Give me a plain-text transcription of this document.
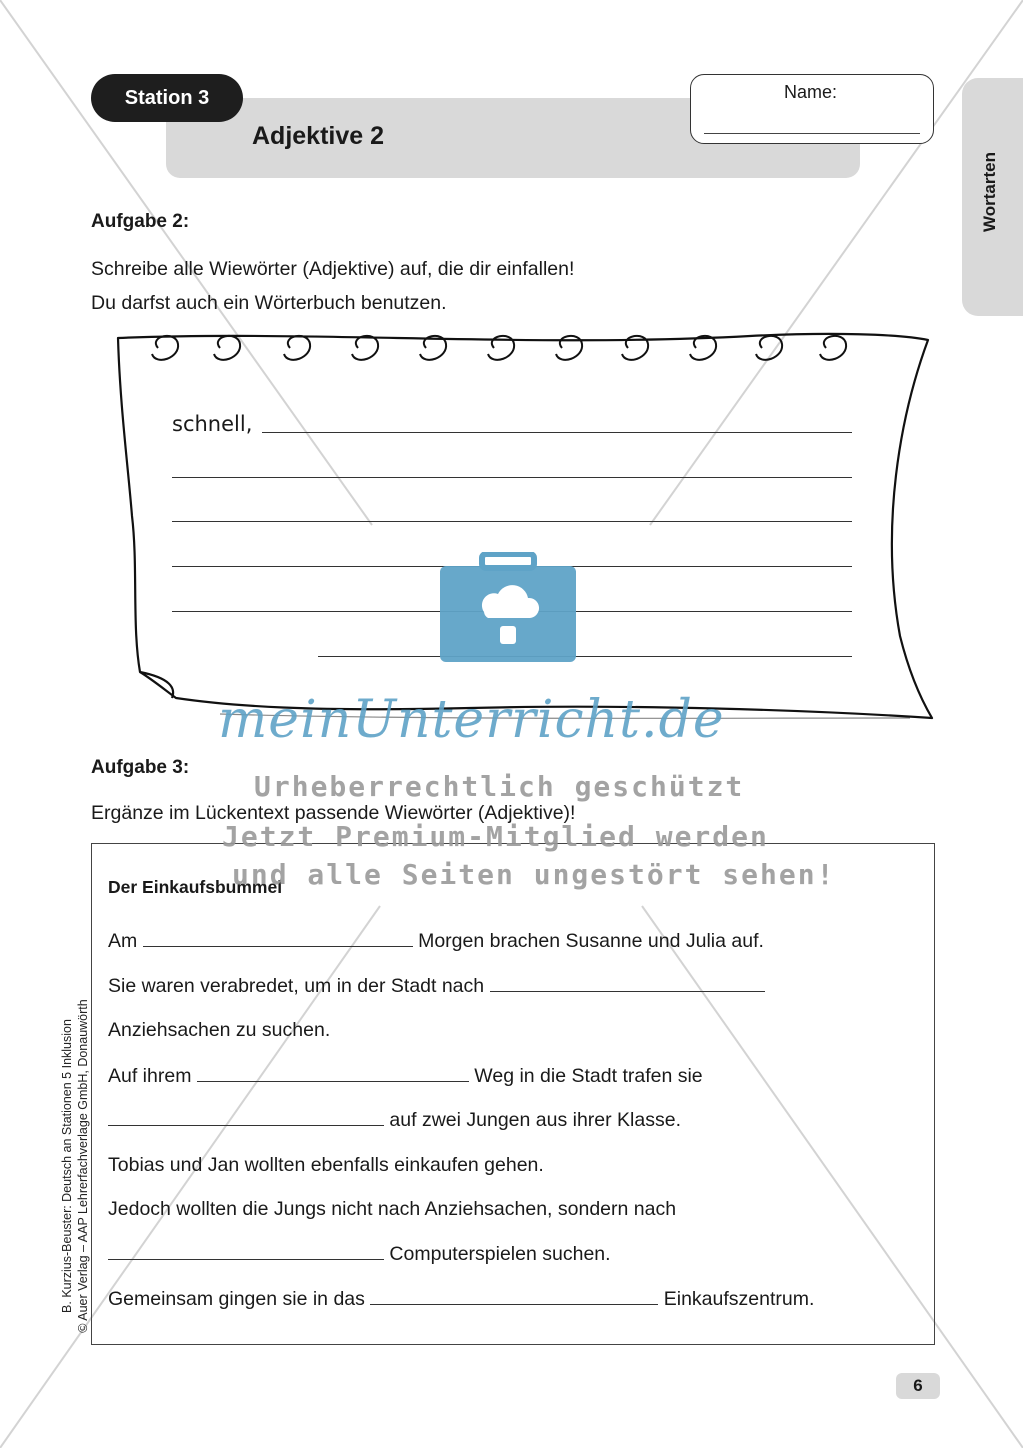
Station 3
Adjektive 2
Name:
Wortarten
Aufgabe 2:
Schreibe alle Wiewörter (Adjektive) auf, die dir einfallen!
Du darfst auch ein Wörterbuch benutzen.
schnell,
Aufgabe 3:
Ergänze im Lückentext passende Wiewörter (Adjektive)!
Der Einkaufsbummel
Am	Morgen brachen Susanne und Julia auf.
Sie waren verabredet, um in der Stadt nach
Anziehsachen zu suchen.
Auf ihrem	Weg in die Stadt trafen sie
auf zwei Jungen aus ihrer Klasse.
Tobias und Jan wollten ebenfalls einkaufen gehen.
Jedoch wollten die Jungs nicht nach Anziehsachen, sondern nach
Computerspielen suchen.
Gemeinsam gingen sie in das	Einkaufszentrum.
meinUnterricht.de
Urheberrechtlich geschützt
Jetzt Premium-Mitglied werden
und alle Seiten ungestört sehen!
B. Kurzius-Beuster: Deutsch an Stationen 5 Inklusion © Auer Verlag – AAP Lehrerfachverlage GmbH, Donauwörth
6
